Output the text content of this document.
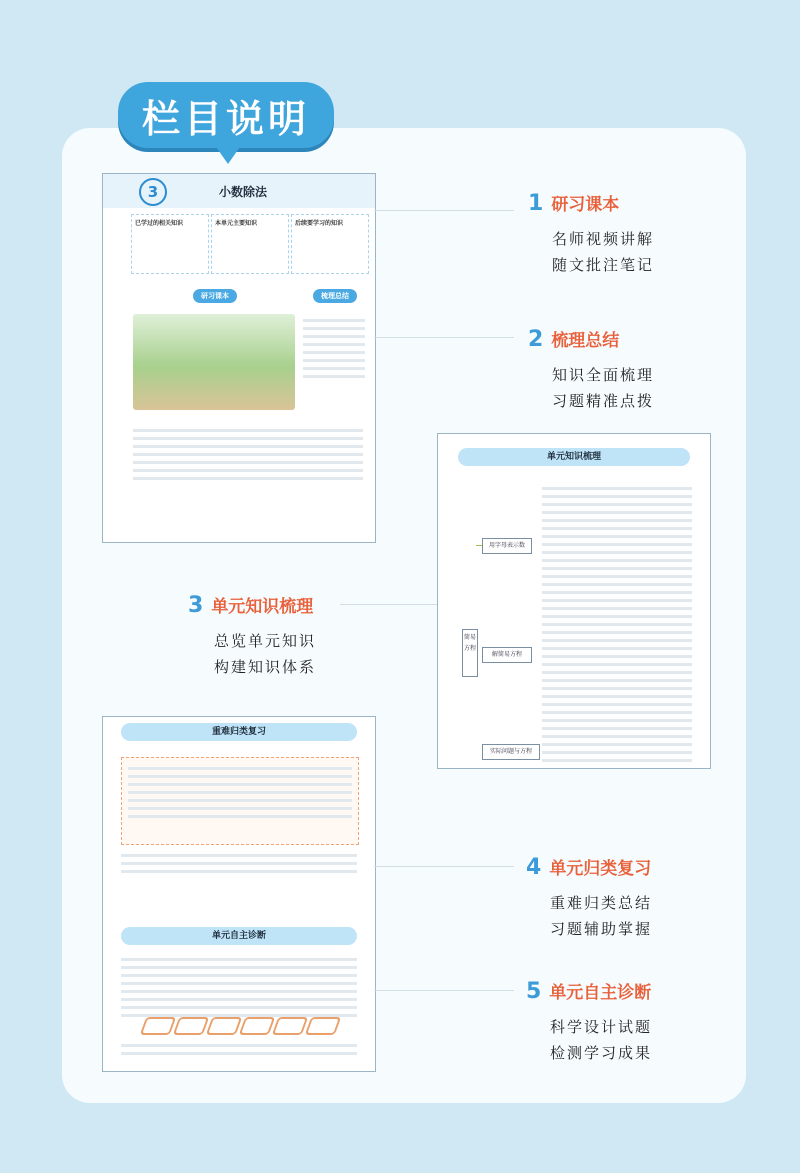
栏目说明
3	小数除法
已学过的相关知识	本单元主要知识	后续要学习的知识
研习课本	梳理总结
单元知识梳理
简易方程
用字母表示数
解简易方程
实际问题与方程
重难归类复习
单元自主诊断
1 研习课本
名师视频讲解
随文批注笔记
2 梳理总结
知识全面梳理
习题精准点拨
3 单元知识梳理
总览单元知识
构建知识体系
4 单元归类复习
重难归类总结
习题辅助掌握
5 单元自主诊断
科学设计试题
检测学习成果
